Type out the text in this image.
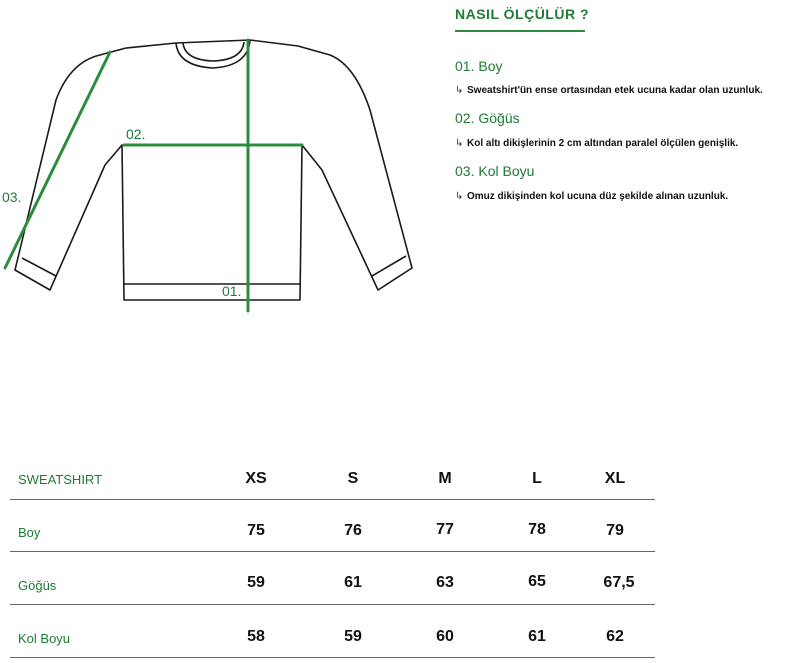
01.
02.
03.
NASIL ÖLÇÜLÜR ?
01. Boy
↳ Sweatshirt'ün ense ortasından etek ucuna kadar olan uzunluk.
02. Göğüs
↳ Kol altı dikişlerinin 2 cm altından paralel ölçülen genişlik.
03. Kol Boyu
↳ Omuz dikişinden kol ucuna düz şekilde alınan uzunluk.
SWEATSHIRT	XS	S	M	L	XL
Boy	75	76	77	78	79
Göğüs	59	61	63	65	67,5
Kol Boyu	58	59	60	61	62
